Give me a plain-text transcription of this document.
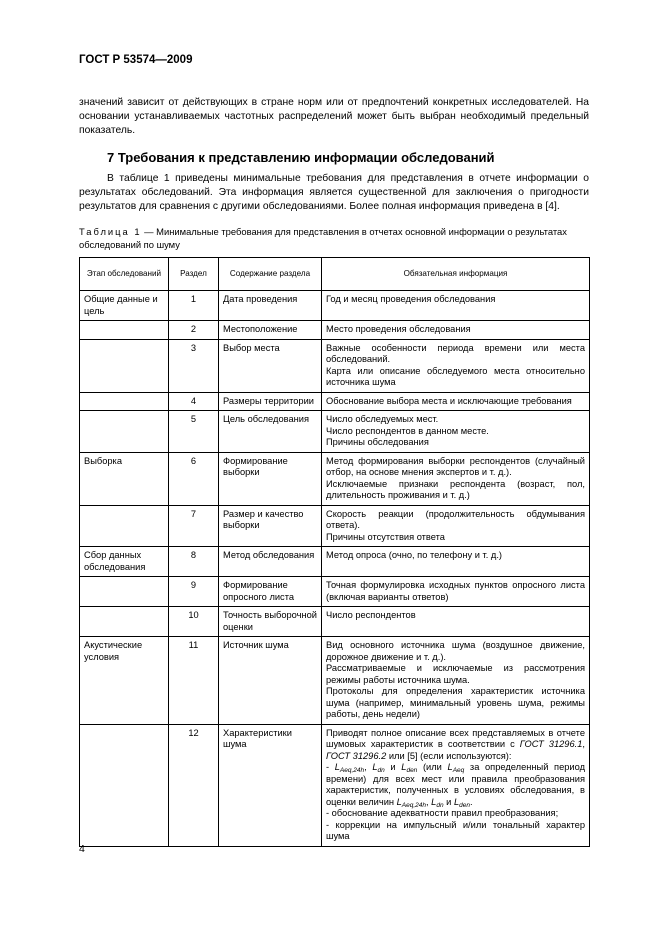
ГОСТ Р 53574—2009

значений зависит от действующих в стране норм или от предпочтений конкретных исследователей. На основании устанавливаемых частотных распределений может быть выбран необходимый предельный показатель.

7 Требования к представлению информации обследований

В таблице 1 приведены минимальные требования для представления в отчете информации о результатах обследований. Эта информация является существенной для заключения о пригодности результатов для сравнения с другими обследованиями. Более полная информация приведена в [4].

Таблица 1 — Минимальные требования для представления в отчетах основной информации о результатах обследований по шуму

Этап обследований	Раздел	Содержание раздела	Обязательная информация
Общие данные и цель	1	Дата проведения	Год и месяц проведения обследования

	2	Местоположение	Место проведения обследования

	3	Выбор места	Важные особенности периода времени или места обследований.
Карта или описание обследуемого места относительно источника шума

	4	Размеры территории	Обоснование выбора места и исключающие требования

	5	Цель обследования	Число обследуемых мест.
Число респондентов в данном месте.
Причины обследования

Выборка	6	Формирование выборки	Метод формирования выборки респондентов (случайный отбор, на основе мнения экспертов и т. д.).
Исключаемые признаки респондента (возраст, пол, длительность проживания и т. д.)

	7	Размер и качество выборки	Скорость реакции (продолжительность обдумывания ответа).
Причины отсутствия ответа

Сбор данных обследования	8	Метод обследования	Метод опроса (очно, по телефону и т. д.)

	9	Формирование опросного листа	Точная формулировка исходных пунктов опросного листа (включая варианты ответов)

	10	Точность выборочной оценки	Число респондентов

Акустические условия	11	Источник шума	Вид основного источника шума (воздушное движение, дорожное движение и т. д.).
Рассматриваемые и исключаемые из рассмотрения режимы работы источника шума.
Протоколы для определения характеристик источника шума (например, минимальный уровень шума, режимы работы, день недели)

	12	Характеристики шума	Приводят полное описание всех представляемых в отчете шумовых характеристик в соответствии с ГОСТ 31296.1, ГОСТ 31296.2 или [5] (если используются):
- $L_{Aeq,24h}$, $L_{dn}$ и $L_{den}$ (или $L_{Aeq}$ за определенный период времени) для всех мест или правила преобразования характеристик, полученных в условиях обследования, в оценки величин $L_{Aeq,24h}$, $L_{dn}$ и $L_{den}$.
- обоснование адекватности правил преобразования;
- коррекции на импульсный и/или тональный характер шума
4
